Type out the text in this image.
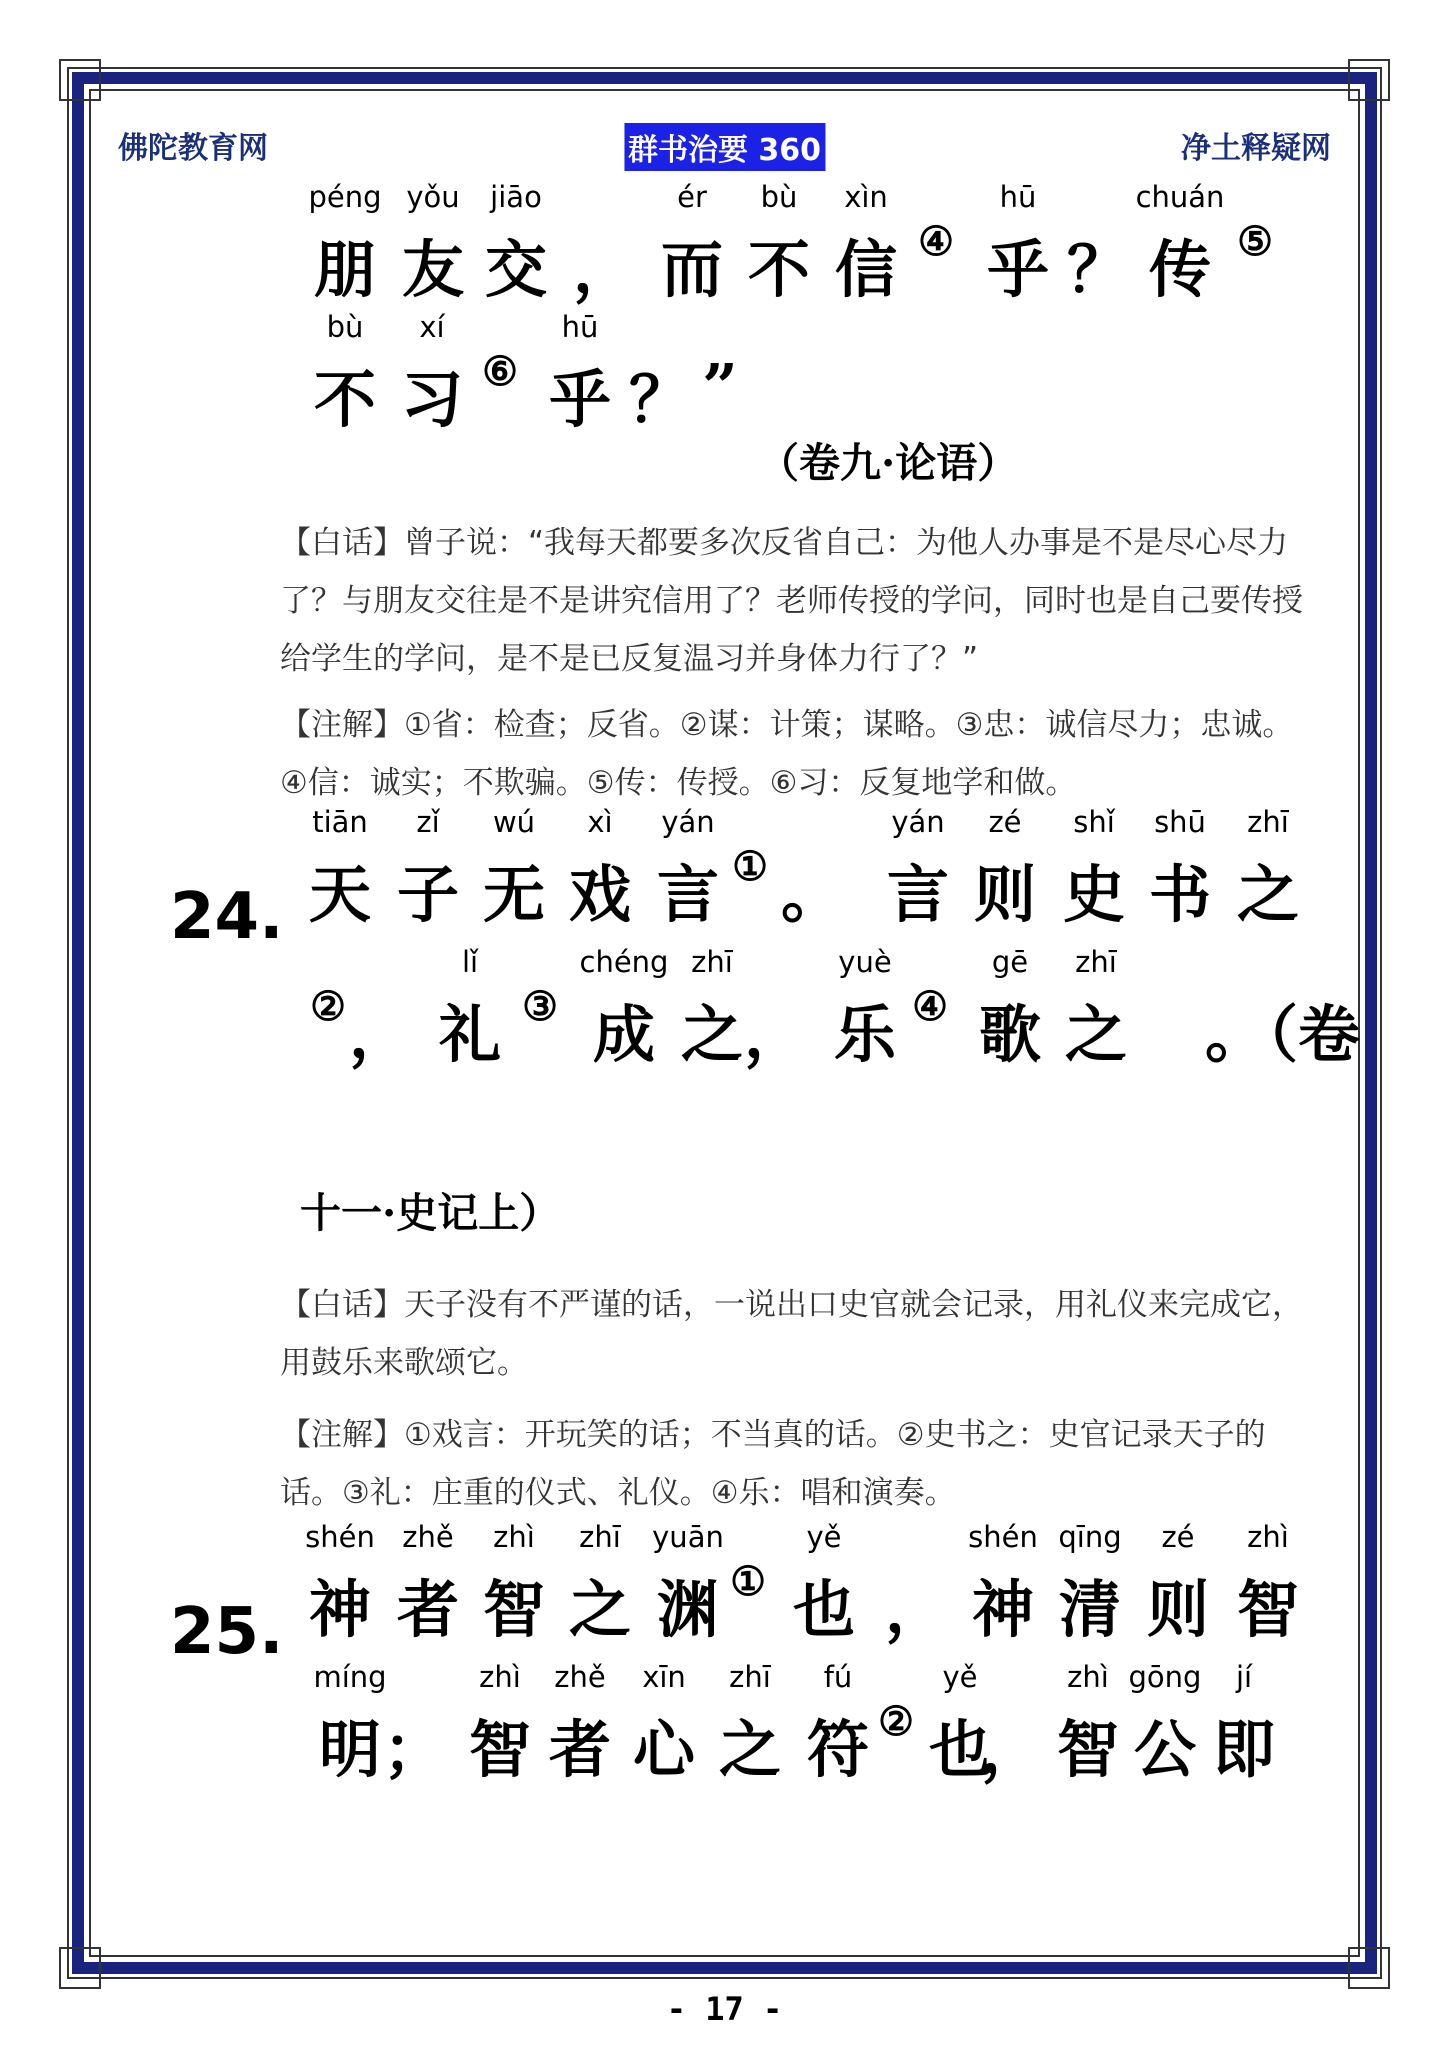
佛陀教育网	群书治要 360	净土释疑网
péng
朋
yǒu
友
jiāo
交 ，
ér
而
bù
不
xìn
信 ④
hū
乎 ？
chuán
传 ⑤
bù
不
xí
习 ⑥
hū
乎 ？ ”
（卷九·论语）

【白话】曾子说：“我每天都要多次反省自己：为他人办事是不是尽心尽力了？与朋友交往是不是讲究信用了？老师传授的学问，同时也是自己要传授给学生的学问，是不是已反复温习并身体力行了？”

【注解】①省：检查；反省。②谋：计策；谋略。③忠：诚信尽力；忠诚。④信：诚实；不欺骗。⑤传：传授。⑥习：反复地学和做。

24.
tiān
天
zǐ
子
wú
无
xì
戏
yán
言 ① 。
yán
言
zé
则
shǐ
史
shū
书
zhī
之
② ，
lǐ
礼 ③
chéng
成
zhī
之 ，
yuè
乐 ④
gē
歌
zhī
之 。（卷
十一·史记上）

【白话】天子没有不严谨的话，一说出口史官就会记录，用礼仪来完成它，用鼓乐来歌颂它。

【注解】①戏言：开玩笑的话；不当真的话。②史书之：史官记录天子的话。③礼：庄重的仪式、礼仪。④乐：唱和演奏。

25.
shén
神
zhě
者
zhì
智
zhī
之
yuān
渊 ①
yě
也 ，
shén
神
qīng
清
zé
则
zhì
智
míng
明 ；
zhì
智
zhě
者
xīn
心
zhī
之
fú
符 ②
yě
也
，
zhì
智
gōng
公
jí
即
- 17 -
